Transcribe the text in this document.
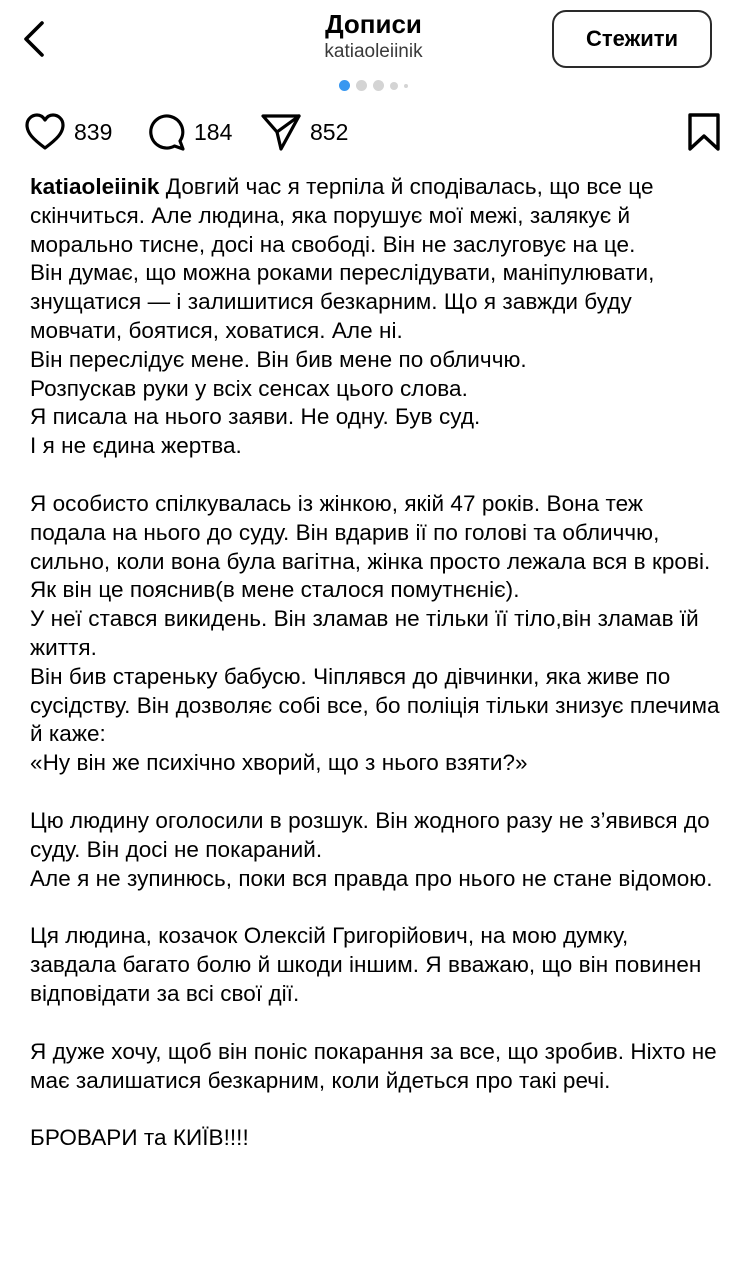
Дописи
katiaoleiinik
Стежити
839	184	852

katiaoleiinik Довгий час я терпіла й сподівалась, що все це скінчиться. Але людина, яка порушує мої межі, залякує й морально тисне, досі на свободі. Він не заслуговує на це.

Він думає, що можна роками переслідувати, маніпулювати, знущатися — і залишитися безкарним. Що я завжди буду мовчати, боятися, ховатися. Але ні.

Він переслідує мене. Він бив мене по обличчю.

Розпускав руки у всіх сенсах цього слова.

Я писала на нього заяви. Не одну. Був суд.

І я не єдина жертва.

Я особисто спілкувалась із жінкою, якій 47 років. Вона теж подала на нього до суду. Він вдарив ії по голові та обличчю, сильно, коли вона була вагітна, жінка просто лежала вся в крові. Як він це пояснив(в мене сталося помутнєніє).

У неї стався викидень. Він зламав не тільки її тіло,він зламав їй життя.

Він бив стареньку бабусю. Чіплявся до дівчинки, яка живе по сусідству. Він дозволяє собі все, бо поліція тільки знизує плечима й каже:

«Ну він же психічно хворий, що з нього взяти?»

Цю людину оголосили в розшук. Він жодного разу не з’явився до суду. Він досі не покараний.

Але я не зупинюсь, поки вся правда про нього не стане відомою.

Ця людина, козачок Олексій Григорійович, на мою думку, завдала багато болю й шкоди іншим. Я вважаю, що він повинен відповідати за всі свої дії.

Я дуже хочу, щоб він поніс покарання за все, що зробив. Ніхто не має залишатися безкарним, коли йдеться про такі речі.

БРОВАРИ та КИЇВ!!!!
